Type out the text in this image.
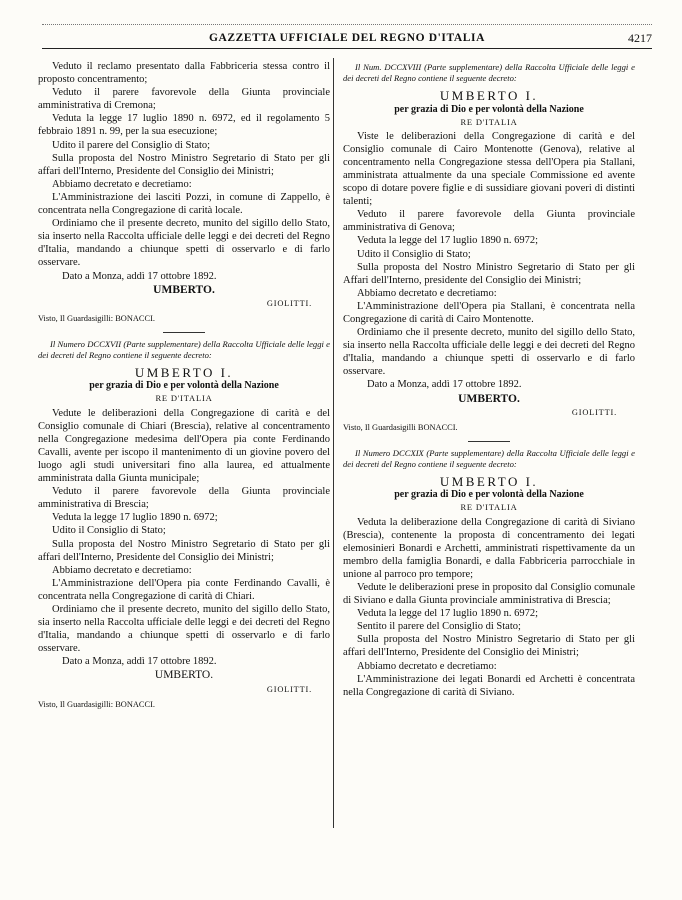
GAZZETTA UFFICIALE DEL REGNO D'ITALIA	4217

Veduto il reclamo presentato dalla Fabbriceria stessa contro il proposto concentramento;

Veduto il parere favorevole della Giunta provinciale amministrativa di Cremona;

Veduta la legge 17 luglio 1890 n. 6972, ed il regolamento 5 febbraio 1891 n. 99, per la sua esecuzione;

Udito il parere del Consiglio di Stato;

Sulla proposta del Nostro Ministro Segretario di Stato per gli affari dell'Interno, Presidente del Consiglio dei Ministri;

Abbiamo decretato e decretiamo:

L'Amministrazione dei lasciti Pozzi, in comune di Zappello, è concentrata nella Congregazione di carità locale.

Ordiniamo che il presente decreto, munito del sigillo dello Stato, sia inserto nella Raccolta ufficiale delle leggi e dei decreti del Regno d'Italia, mandando a chiunque spetti di osservarlo e di farlo osservare.

Dato a Monza, addì 17 ottobre 1892.

UMBERTO.

GIOLITTI.

Visto, Il Guardasigilli: BONACCI.

Il Numero DCCXVII (Parte supplementare) della Raccolta Ufficiale delle leggi e dei decreti del Regno contiene il seguente decreto:

UMBERTO I.

per grazia di Dio e per volontà della Nazione

RE D'ITALIA

Vedute le deliberazioni della Congregazione di carità e del Consiglio comunale di Chiari (Brescia), relative al concentramento nella Congregazione medesima dell'Opera pia conte Ferdinando Cavalli, avente per iscopo il mantenimento di un giovine povero del luogo agli studi universitari fino alla laurea, ed attualmente amministrata dalla Giunta municipale;

Veduto il parere favorevole della Giunta provinciale amministrativa di Brescia;

Veduta la legge 17 luglio 1890 n. 6972;

Udito il Consiglio di Stato;

Sulla proposta del Nostro Ministro Segretario di Stato per gli affari dell'Interno, Presidente del Consiglio dei Ministri;

Abbiamo decretato e decretiamo:

L'Amministrazione dell'Opera pia conte Ferdinando Cavalli, è concentrata nella Congregazione di carità di Chiari.

Ordiniamo che il presente decreto, munito del sigillo dello Stato, sia inserto nella Raccolta ufficiale delle leggi e dei decreti del Regno d'Italia, mandando a chiunque spetti di osservarlo e di farlo osservare.

Dato a Monza, addì 17 ottobre 1892.

UMBERTO.

GIOLITTI.

Visto, Il Guardasigilli: BONACCI.

Il Num. DCCXVIII (Parte supplementare) della Raccolta Ufficiale delle leggi e dei decreti del Regno contiene il seguente decreto:

UMBERTO I.

per grazia di Dio e per volontà della Nazione

RE D'ITALIA

Viste le deliberazioni della Congregazione di carità e del Consiglio comunale di Cairo Montenotte (Genova), relative al concentramento nella Congregazione stessa dell'Opera pia Stallani, amministrata attualmente da una speciale Commissione ed avente scopo di dotare povere figlie e di sussidiare giovani poveri di distinti talenti;

Veduto il parere favorevole della Giunta provinciale amministrativa di Genova;

Veduta la legge del 17 luglio 1890 n. 6972;

Udito il Consiglio di Stato;

Sulla proposta del Nostro Ministro Segretario di Stato per gli Affari dell'Interno, presidente del Consiglio dei Ministri;

Abbiamo decretato e decretiamo:

L'Amministrazione dell'Opera pia Stallani, è concentrata nella Congregazione di carità di Cairo Montenotte.

Ordiniamo che il presente decreto, munito del sigillo dello Stato, sia inserto nella Raccolta ufficiale delle leggi e dei decreti del Regno d'Italia, mandando a chiunque spetti di osservarlo e di farlo osservare.

Dato a Monza, addì 17 ottobre 1892.

UMBERTO.

GIOLITTI.

Visto, Il Guardasigilli BONACCI.

Il Numero DCCXIX (Parte supplementare) della Raccolta Ufficiale delle leggi e dei decreti del Regno contiene il seguente decreto:

UMBERTO I.

per grazia di Dio e per volontà della Nazione

RE D'ITALIA

Veduta la deliberazione della Congregazione di carità di Siviano (Brescia), contenente la proposta di concentramento dei legati elemosinieri Bonardi e Archetti, amministrati rispettivamente da un membro della famiglia Bonardi, e dalla Fabbriceria parrocchiale in unione al parroco pro tempore;

Vedute le deliberazioni prese in proposito dal Consiglio comunale di Siviano e dalla Giunta provinciale amministrativa di Brescia;

Veduta la legge del 17 luglio 1890 n. 6972;

Sentito il parere del Consiglio di Stato;

Sulla proposta del Nostro Ministro Segretario di Stato per gli affari dell'Interno, Presidente del Consiglio dei Ministri;

Abbiamo decretato e decretiamo:

L'Amministrazione dei legati Bonardi ed Archetti è concentrata nella Congregazione di carità di Siviano.
